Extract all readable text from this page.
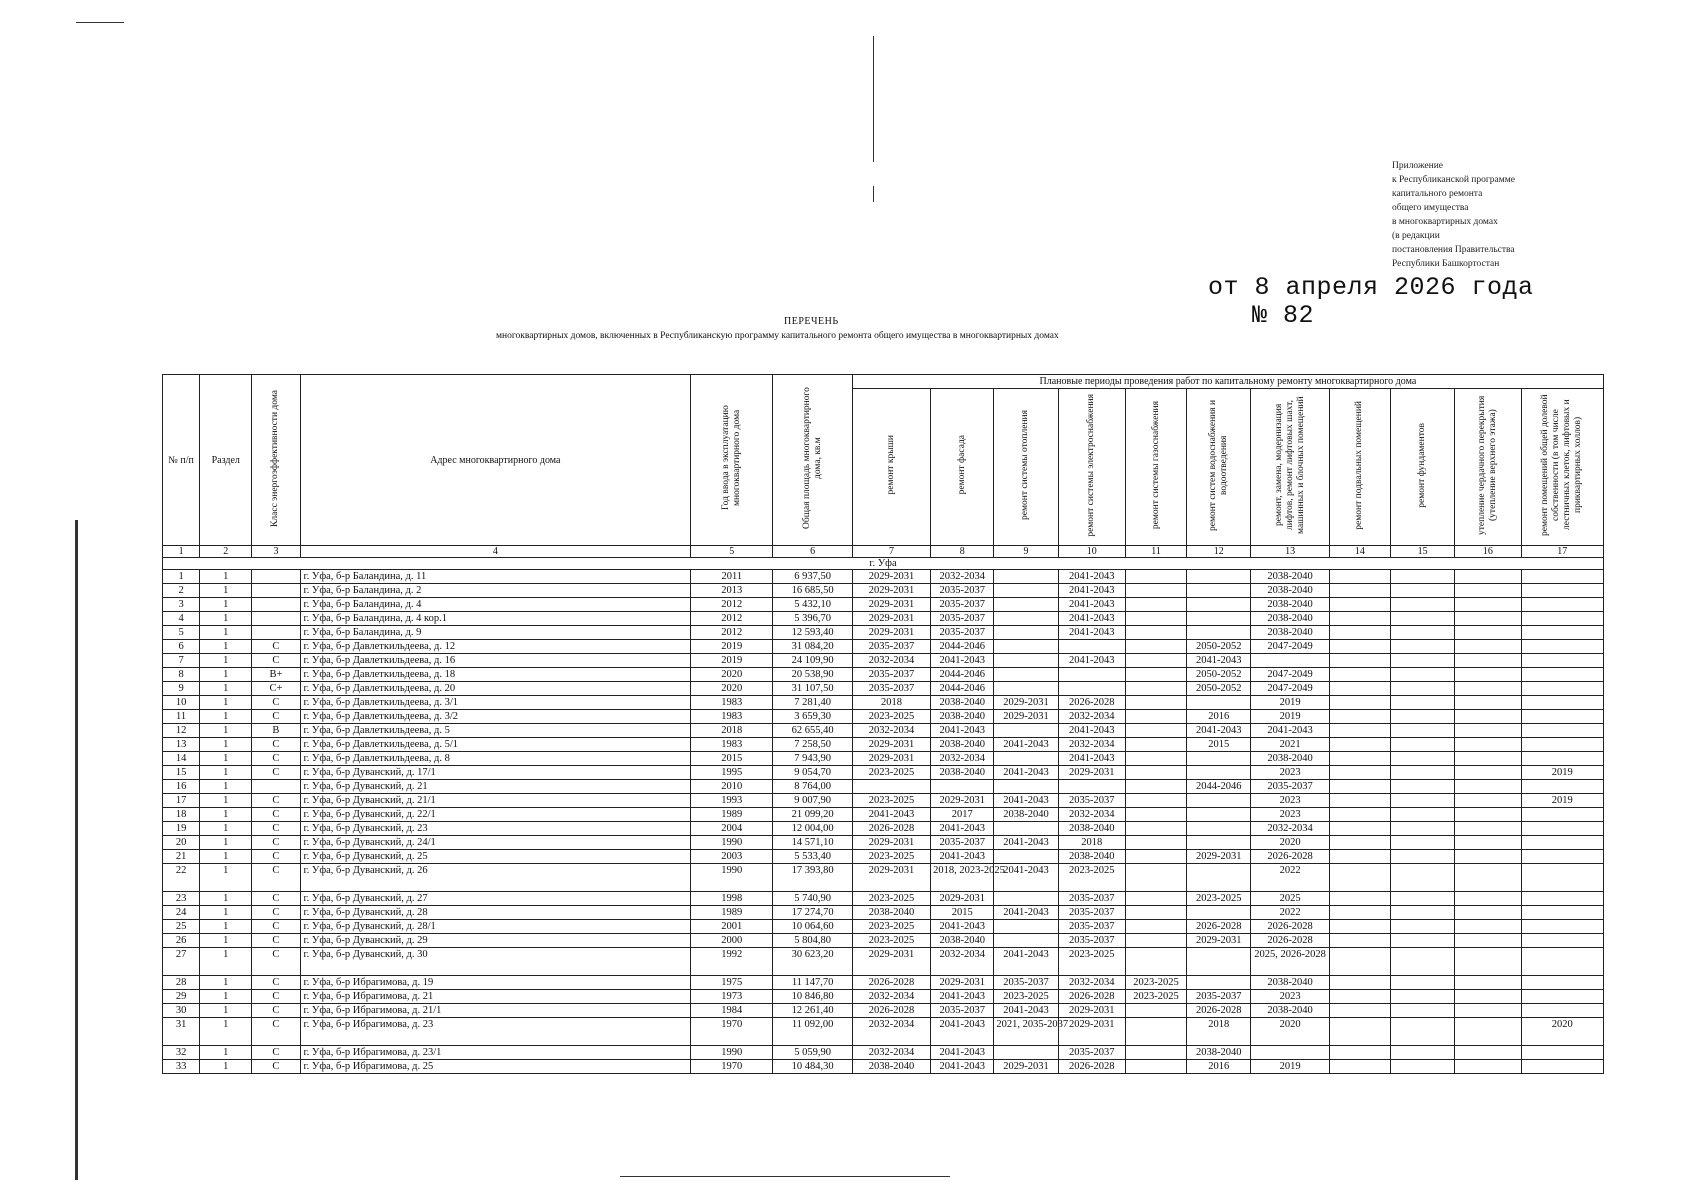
Приложение
к Республиканской программе
капитального ремонта
общего имущества
в многоквартирных домах
(в редакции
постановления Правительства
Республики Башкортостан
от 8 апреля 2026 года
№ 82
ПЕРЕЧЕНЬ
многоквартирных домов, включенных в Республиканскую программу капитального ремонта общего имущества в многоквартирных домах
№ п/п	Раздел	Класс энергоэффективности дома	Адрес многоквартирного дома	Год ввода в эксплуатацию многоквартирного дома	Общая площадь многоквартирного дома, кв.м	Плановые периоды проведения работ по капитальному ремонту многоквартирного дома										
						ремонт крыши	ремонт фасада	ремонт системы отопления	ремонт системы электроснабжения	ремонт системы газоснабжения	ремонт систем водоснабжения и водоотведения	ремонт, замена, модернизация лифтов, ремонт лифтовых шахт, машинных и блочных помещений	ремонт подвальных помещений	ремонт фундаментов	утепление чердачного перекрытия (утепление верхнего этажа)	ремонт помещений общей долевой собственности (в том числе лестничных клеток, лифтовых и приквартирных холлов)
1	2	3	4	5	6	7	8	9	10	11	12	13	14	15	16	17
г. Уфа																
1	1		г. Уфа, б-р Баландина, д. 11	2011	6 937,50	2029-2031	2032-2034		2041-2043			2038-2040				
2	1		г. Уфа, б-р Баландина, д. 2	2013	16 685,50	2029-2031	2035-2037		2041-2043			2038-2040				
3	1		г. Уфа, б-р Баландина, д. 4	2012	5 432,10	2029-2031	2035-2037		2041-2043			2038-2040				
4	1		г. Уфа, б-р Баландина, д. 4 кор.1	2012	5 396,70	2029-2031	2035-2037		2041-2043			2038-2040				
5	1		г. Уфа, б-р Баландина, д. 9	2012	12 593,40	2029-2031	2035-2037		2041-2043			2038-2040				
6	1	C	г. Уфа, б-р Давлеткильдеева, д. 12	2019	31 084,20	2035-2037	2044-2046				2050-2052	2047-2049				
7	1	C	г. Уфа, б-р Давлеткильдеева, д. 16	2019	24 109,90	2032-2034	2041-2043		2041-2043		2041-2043					
8	1	B+	г. Уфа, б-р Давлеткильдеева, д. 18	2020	20 538,90	2035-2037	2044-2046				2050-2052	2047-2049				
9	1	C+	г. Уфа, б-р Давлеткильдеева, д. 20	2020	31 107,50	2035-2037	2044-2046				2050-2052	2047-2049				
10	1	C	г. Уфа, б-р Давлеткильдеева, д. 3/1	1983	7 281,40	2018	2038-2040	2029-2031	2026-2028			2019				
11	1	C	г. Уфа, б-р Давлеткильдеева, д. 3/2	1983	3 659,30	2023-2025	2038-2040	2029-2031	2032-2034		2016	2019				
12	1	B	г. Уфа, б-р Давлеткильдеева, д. 5	2018	62 655,40	2032-2034	2041-2043		2041-2043		2041-2043	2041-2043				
13	1	C	г. Уфа, б-р Давлеткильдеева, д. 5/1	1983	7 258,50	2029-2031	2038-2040	2041-2043	2032-2034		2015	2021				
14	1	C	г. Уфа, б-р Давлеткильдеева, д. 8	2015	7 943,90	2029-2031	2032-2034		2041-2043			2038-2040				
15	1	C	г. Уфа, б-р Дуванский, д. 17/1	1995	9 054,70	2023-2025	2038-2040	2041-2043	2029-2031			2023				2019
16	1		г. Уфа, б-р Дуванский, д. 21	2010	8 764,00						2044-2046	2035-2037				
17	1	C	г. Уфа, б-р Дуванский, д. 21/1	1993	9 007,90	2023-2025	2029-2031	2041-2043	2035-2037			2023				2019
18	1	C	г. Уфа, б-р Дуванский, д. 22/1	1989	21 099,20	2041-2043	2017	2038-2040	2032-2034			2023				
19	1	C	г. Уфа, б-р Дуванский, д. 23	2004	12 004,00	2026-2028	2041-2043		2038-2040			2032-2034				
20	1	C	г. Уфа, б-р Дуванский, д. 24/1	1990	14 571,10	2029-2031	2035-2037	2041-2043	2018			2020				
21	1	C	г. Уфа, б-р Дуванский, д. 25	2003	5 533,40	2023-2025	2041-2043		2038-2040		2029-2031	2026-2028				
22	1	C	г. Уфа, б-р Дуванский, д. 26	1990	17 393,80	2029-2031	2018, 2023-2025	2041-2043	2023-2025			2022				
23	1	C	г. Уфа, б-р Дуванский, д. 27	1998	5 740,90	2023-2025	2029-2031		2035-2037		2023-2025	2025				
24	1	C	г. Уфа, б-р Дуванский, д. 28	1989	17 274,70	2038-2040	2015	2041-2043	2035-2037			2022				
25	1	C	г. Уфа, б-р Дуванский, д. 28/1	2001	10 064,60	2023-2025	2041-2043		2035-2037		2026-2028	2026-2028				
26	1	C	г. Уфа, б-р Дуванский, д. 29	2000	5 804,80	2023-2025	2038-2040		2035-2037		2029-2031	2026-2028				
27	1	C	г. Уфа, б-р Дуванский, д. 30	1992	30 623,20	2029-2031	2032-2034	2041-2043	2023-2025			2025, 2026-2028				
28	1	C	г. Уфа, б-р Ибрагимова, д. 19	1975	11 147,70	2026-2028	2029-2031	2035-2037	2032-2034	2023-2025		2038-2040				
29	1	C	г. Уфа, б-р Ибрагимова, д. 21	1973	10 846,80	2032-2034	2041-2043	2023-2025	2026-2028	2023-2025	2035-2037	2023				
30	1	C	г. Уфа, б-р Ибрагимова, д. 21/1	1984	12 261,40	2026-2028	2035-2037	2041-2043	2029-2031		2026-2028	2038-2040				
31	1	C	г. Уфа, б-р Ибрагимова, д. 23	1970	11 092,00	2032-2034	2041-2043	2021, 2035-2037	2029-2031		2018	2020				2020
32	1	C	г. Уфа, б-р Ибрагимова, д. 23/1	1990	5 059,90	2032-2034	2041-2043		2035-2037		2038-2040					
33	1	C	г. Уфа, б-р Ибрагимова, д. 25	1970	10 484,30	2038-2040	2041-2043	2029-2031	2026-2028		2016	2019				
